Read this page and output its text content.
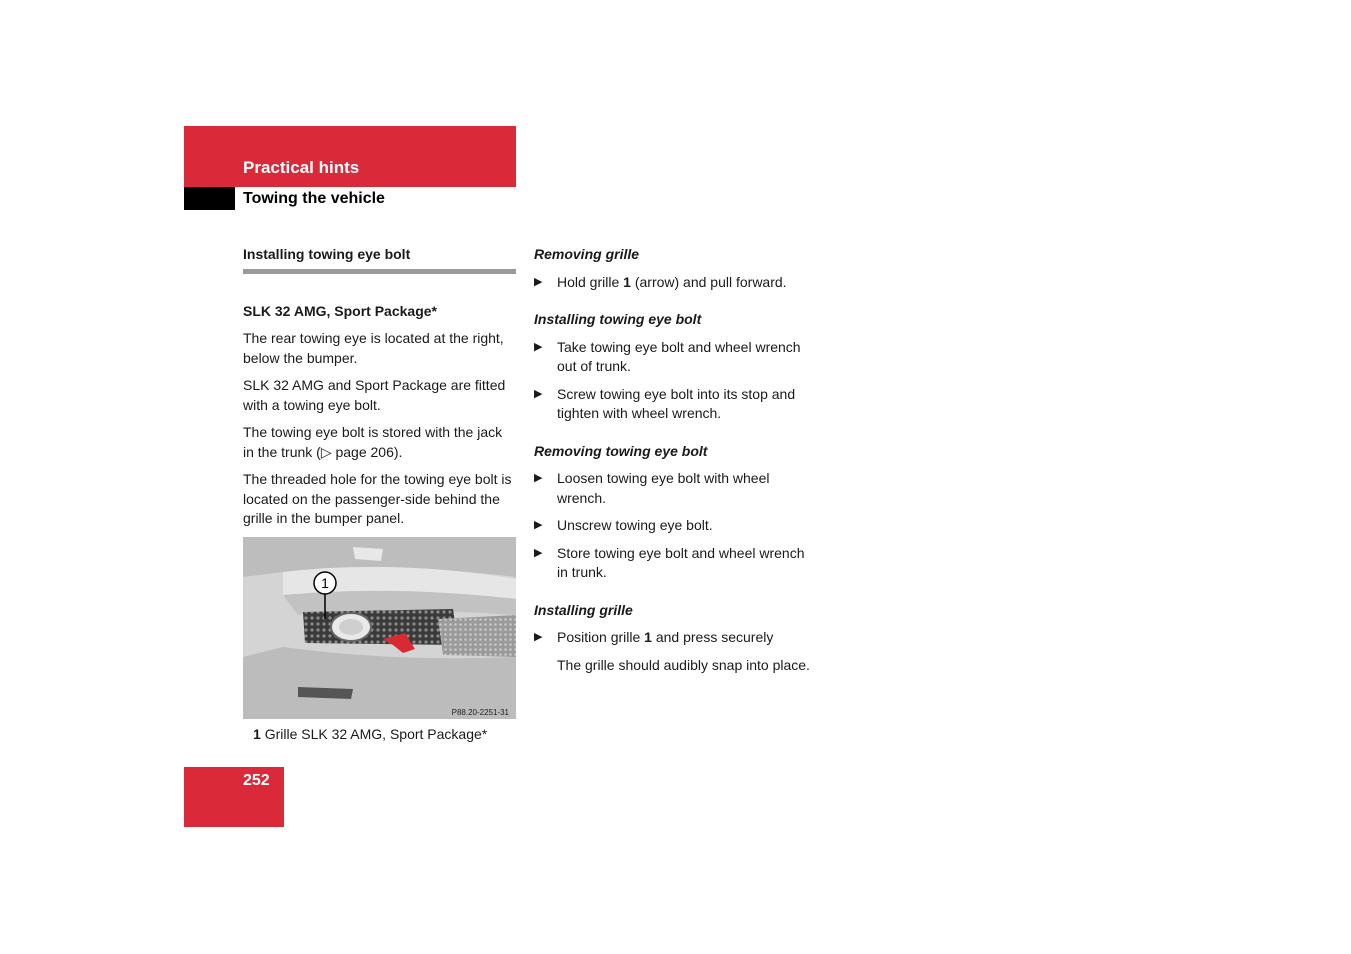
Practical hints
Towing the vehicle

Installing towing eye bolt

SLK 32 AMG, Sport Package*

The rear towing eye is located at the right, below the bumper.

SLK 32 AMG and Sport Package are fitted with a towing eye bolt.

The towing eye bolt is stored with the jack in the trunk (▷ page 206).

The threaded hole for the towing eye bolt is located on the passenger-side behind the grille in the bumper panel.

1
P88.20-2251-31

1 Grille SLK 32 AMG, Sport Package*

Removing grille

▶ Hold grille 1 (arrow) and pull forward.

Installing towing eye bolt

▶ Take towing eye bolt and wheel wrench out of trunk.
▶ Screw towing eye bolt into its stop and tighten with wheel wrench.

Removing towing eye bolt

▶ Loosen towing eye bolt with wheel wrench.
▶ Unscrew towing eye bolt.
▶ Store towing eye bolt and wheel wrench in trunk.

Installing grille

▶ Position grille 1 and press securely

The grille should audibly snap into place.

252
